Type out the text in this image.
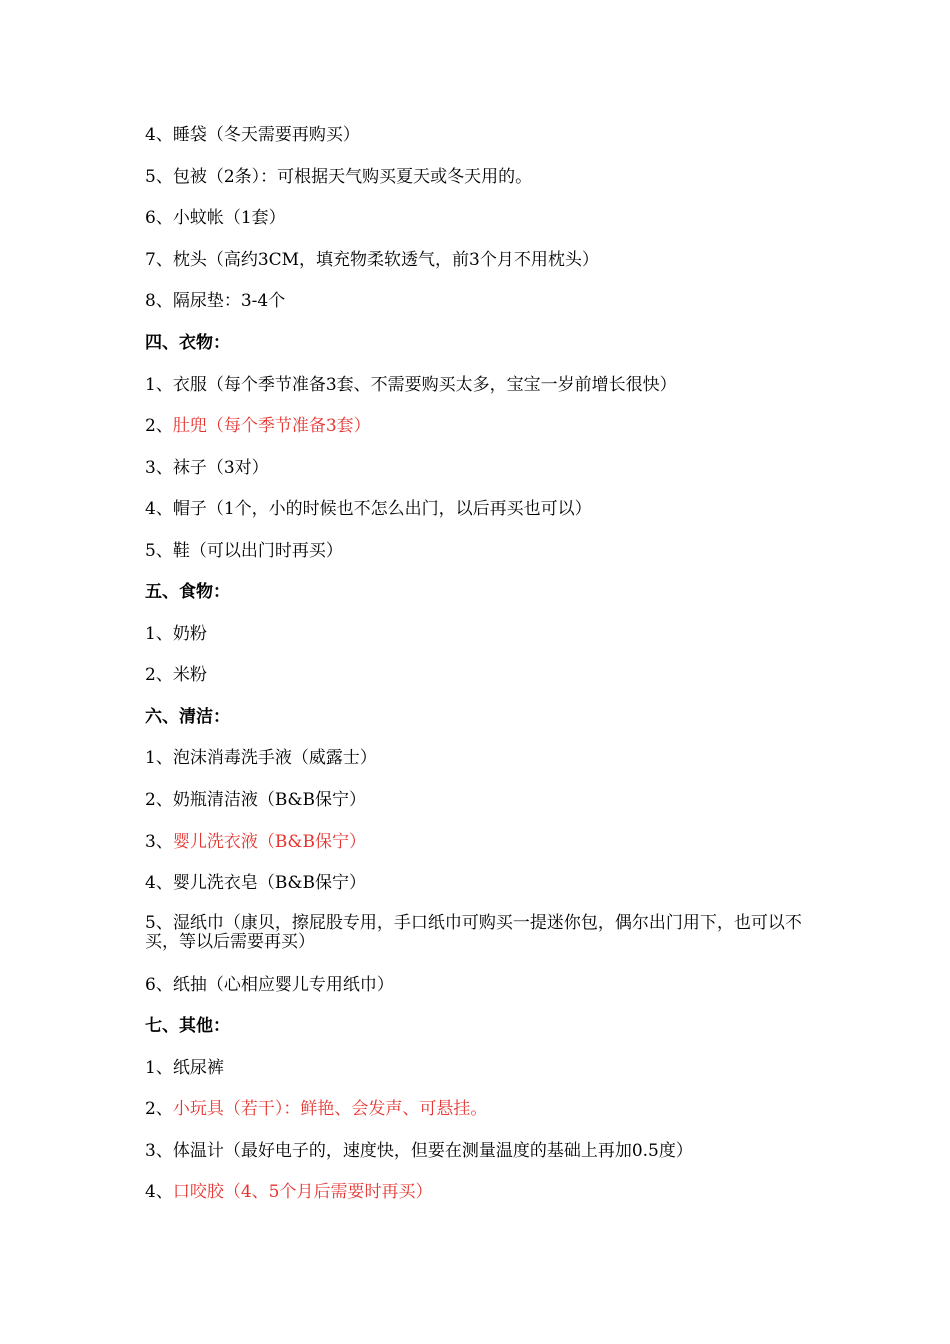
4、睡袋（冬天需要再购买）
5、包被（2条）：可根据天气购买夏天或冬天用的。
6、小蚊帐（1套）
7、枕头（高约3CM，填充物柔软透气，前3个月不用枕头）
8、隔尿垫：3-4个
四、衣物：
1、衣服（每个季节准备3套、不需要购买太多，宝宝一岁前增长很快）
2、肚兜（每个季节准备3套）
3、袜子（3对）
4、帽子（1个，小的时候也不怎么出门，以后再买也可以）
5、鞋（可以出门时再买）
五、食物：
1、奶粉
2、米粉
六、清洁：
1、泡沫消毒洗手液（威露士）
2、奶瓶清洁液（B&B保宁）
3、婴儿洗衣液（B&B保宁）
4、婴儿洗衣皂（B&B保宁）
5、湿纸巾（康贝，擦屁股专用，手口纸巾可购买一提迷你包，偶尔出门用下，也可以不买，等以后需要再买）
6、纸抽（心相应婴儿专用纸巾）
七、其他：
1、纸尿裤
2、小玩具（若干）：鲜艳、会发声、可悬挂。
3、体温计（最好电子的，速度快，但要在测量温度的基础上再加0.5度）
4、口咬胶（4、5个月后需要时再买）
